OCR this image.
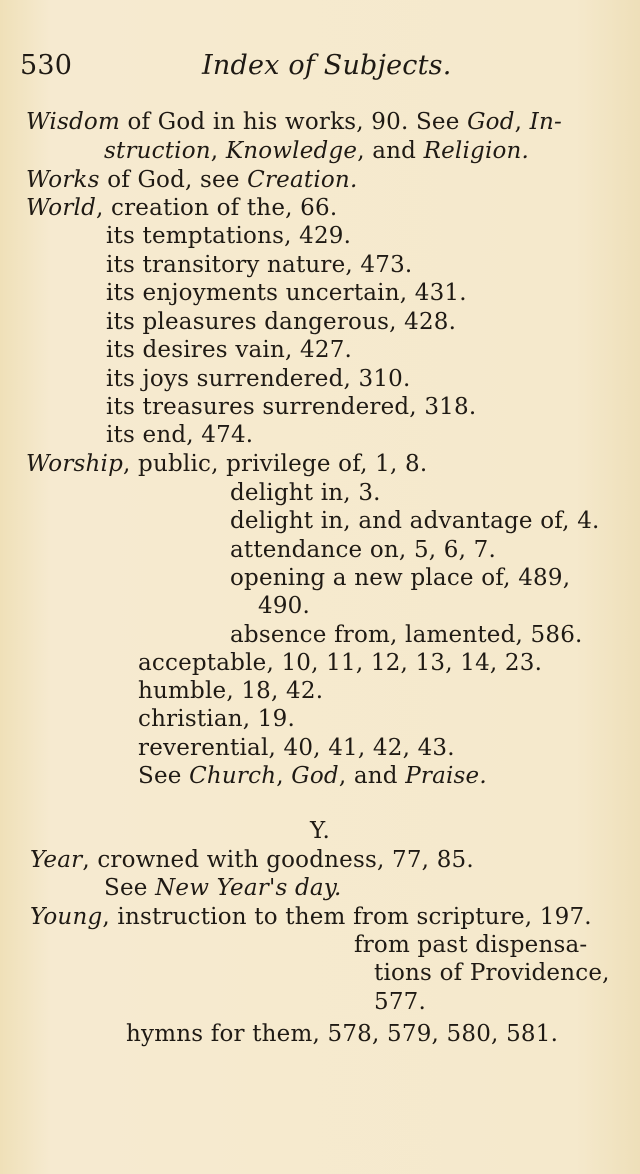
530	Index of Subjects.
Wisdom of God in his works, 90. See God, In-
struction, Knowledge, and Religion.
Works of God, see Creation.
World, creation of the, 66.
its temptations, 429.
its transitory nature, 473.
its enjoyments uncertain, 431.
its pleasures dangerous, 428.
its desires vain, 427.
its joys surrendered, 310.
its treasures surrendered, 318.
its end, 474.
Worship, public, privilege of, 1, 8.
delight in, 3.
delight in, and advantage of, 4.
attendance on, 5, 6, 7.
opening a new place of, 489,
490.
absence from, lamented, 586.
acceptable, 10, 11, 12, 13, 14, 23.
humble, 18, 42.
christian, 19.
reverential, 40, 41, 42, 43.
See Church, God, and Praise.
Y.
Year, crowned with goodness, 77, 85.
See New Year's day.
Young, instruction to them from scripture, 197.
from past dispensa-
tions of Providence,
577.
hymns for them, 578, 579, 580, 581.
